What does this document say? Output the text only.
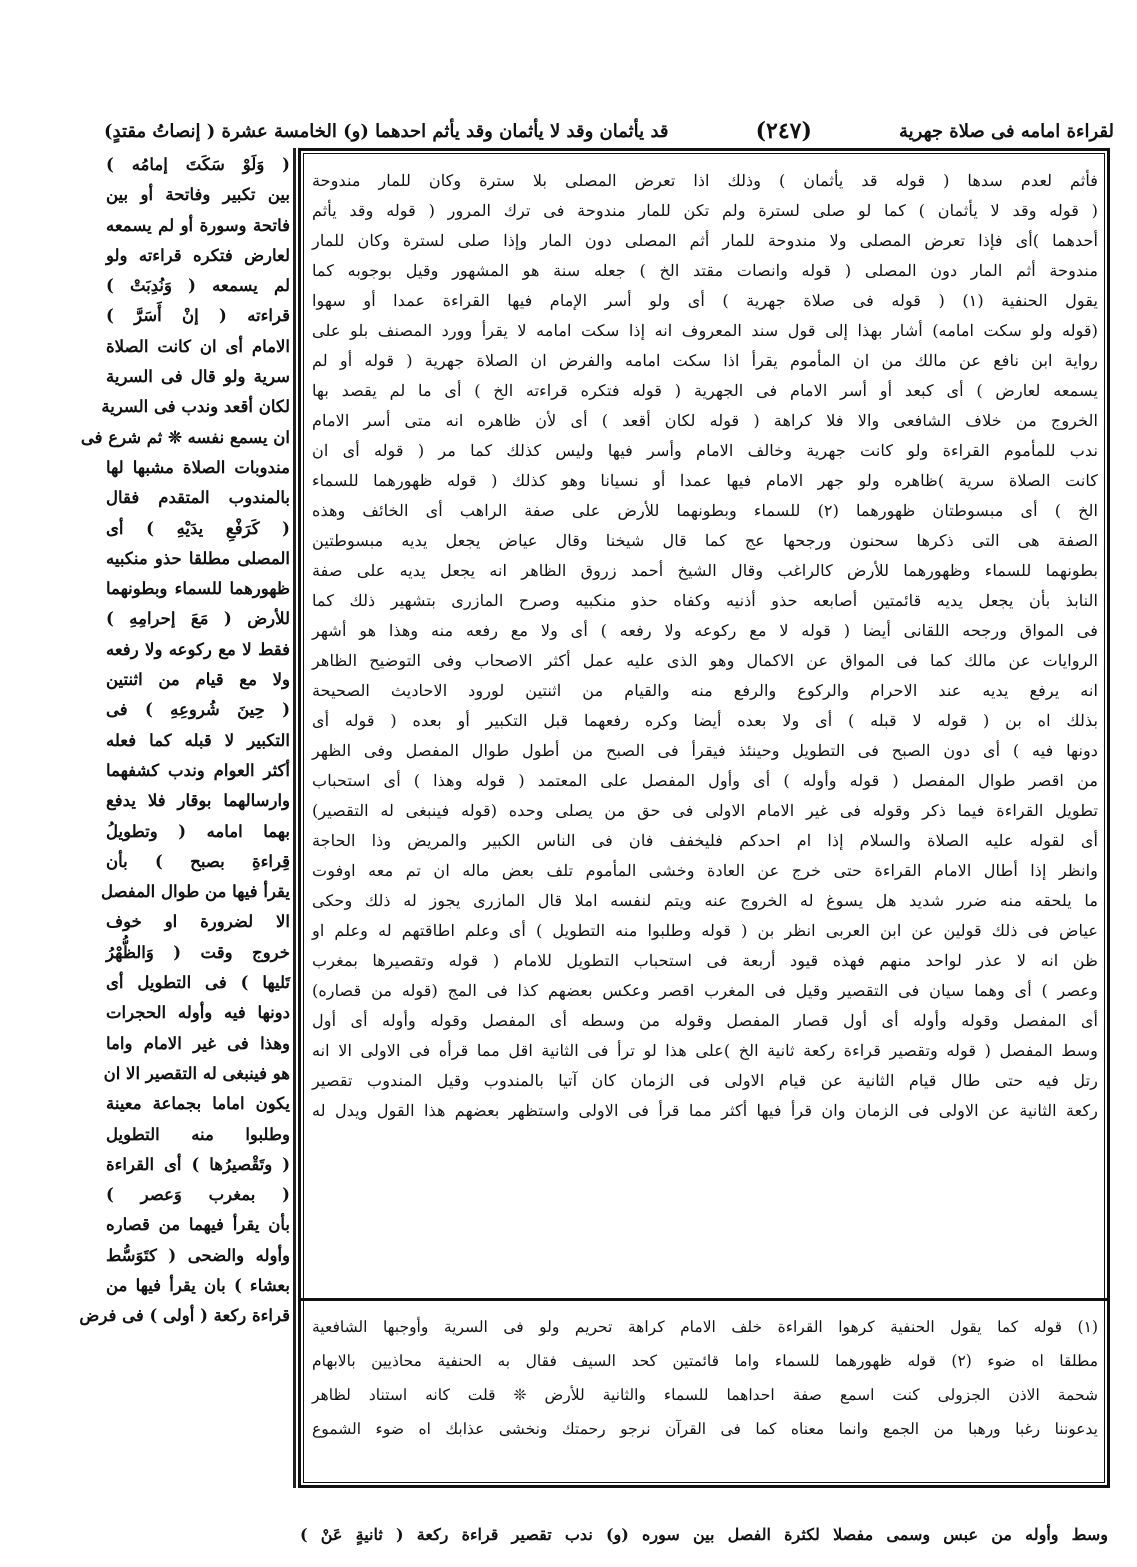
قد يأثمان وقد لا يأثمان وقد يأثم احدهما (و) الخامسة عشرة ( إنصاتُ مقتدٍ)	(٢٤٧)	لقراءة امامه فى صلاة جهرية
فأثم لعدم سدها ( قوله قد يأثمان ) وذلك اذا تعرض المصلى بلا سترة وكان للمار مندوحة
( قوله وقد لا يأثمان ) كما لو صلى لسترة ولم تكن للمار مندوحة فى ترك المرور ( قوله وقد يأثم
أحدهما )أى فإذا تعرض المصلى ولا مندوحة للمار أثم المصلى دون المار وإذا صلى لسترة وكان للمار
مندوحة أثم المار دون المصلى ( قوله وانصات مقتد الخ ) جعله سنة هو المشهور وقيل بوجوبه كما
يقول الحنفية (١) ( قوله فى صلاة جهرية ) أى ولو أسر الإمام فيها القراءة عمدا أو سهوا
(قوله ولو سكت امامه) أشار بهذا إلى قول سند المعروف انه إذا سكت امامه لا يقرأ وورد المصنف بلو على
رواية ابن نافع عن مالك من ان المأموم يقرأ اذا سكت امامه والفرض ان الصلاة جهرية ( قوله أو لم
يسمعه لعارض ) أى كبعد أو أسر الامام فى الجهرية ( قوله فتكره قراءته الخ ) أى ما لم يقصد بها
الخروج من خلاف الشافعى والا فلا كراهة ( قوله لكان أقعد ) أى لأن ظاهره انه متى أسر الامام
ندب للمأموم القراءة ولو كانت جهرية وخالف الامام وأسر فيها وليس كذلك كما مر ( قوله أى ان
كانت الصلاة سرية )ظاهره ولو جهر الامام فيها عمدا أو نسيانا وهو كذلك ( قوله ظهورهما للسماء
الخ ) أى مبسوطتان ظهورهما (٢) للسماء وبطونهما للأرض على صفة الراهب أى الخائف وهذه
الصفة هى التى ذكرها سحنون ورجحها عج كما قال شيخنا وقال عياض يجعل يديه مبسوطتين
بطونهما للسماء وظهورهما للأرض كالراغب وقال الشيخ أحمد زروق الظاهر انه يجعل يديه على صفة
النابذ بأن يجعل يديه قائمتين أصابعه حذو أذنيه وكفاه حذو منكبيه وصرح المازرى بتشهير ذلك كما
فى المواق ورجحه اللقانى أيضا ( قوله لا مع ركوعه ولا رفعه ) أى ولا مع رفعه منه وهذا هو أشهر
الروايات عن مالك كما فى المواق عن الاكمال وهو الذى عليه عمل أكثر الاصحاب وفى التوضيح الظاهر
انه يرفع يديه عند الاحرام والركوع والرفع منه والقيام من اثنتين لورود الاحاديث الصحيحة
بذلك اه بن ( قوله لا قبله ) أى ولا بعده أيضا وكره رفعهما قبل التكبير أو بعده ( قوله أى
دونها فيه ) أى دون الصبح فى التطويل وحينئذ فيقرأ فى الصبح من أطول طوال المفصل وفى الظهر
من اقصر طوال المفصل ( قوله وأوله ) أى وأول المفصل على المعتمد ( قوله وهذا ) أى استحباب
تطويل القراءة فيما ذكر وقوله فى غير الامام الاولى فى حق من يصلى وحده (قوله فينبغى له التقصير)
أى لقوله عليه الصلاة والسلام إذا ام احدكم فليخفف فان فى الناس الكبير والمريض وذا الحاجة
وانظر إذا أطال الامام القراءة حتى خرج عن العادة وخشى المأموم تلف بعض ماله ان تم معه اوفوت
ما يلحقه منه ضرر شديد هل يسوغ له الخروج عنه ويتم لنفسه املا قال المازرى يجوز له ذلك وحكى
عياض فى ذلك قولين عن ابن العربى انظر بن ( قوله وطلبوا منه التطويل ) أى وعلم اطاقتهم له وعلم او
ظن انه لا عذر لواحد منهم فهذه قيود أربعة فى استحباب التطويل للامام ( قوله وتقصيرها بمغرب
وعصر ) أى وهما سيان فى التقصير وقيل فى المغرب اقصر وعكس بعضهم كذا فى المج (قوله من قصاره)
أى المفصل وقوله وأوله أى أول قصار المفصل وقوله من وسطه أى المفصل وقوله وأوله أى أول
وسط المفصل ( قوله وتقصير قراءة ركعة ثانية الخ )على هذا لو ترأ فى الثانية اقل مما قرأه فى الاولى الا انه
رتل فيه حتى طال قيام الثانية عن قيام الاولى فى الزمان كان آتيا بالمندوب وقيل المندوب تقصير
ركعة الثانية عن الاولى فى الزمان وان قرأ فيها أكثر مما قرأ فى الاولى واستظهر بعضهم هذا القول ويدل له
(١) قوله كما يقول الحنفية كرهوا القراءة خلف الامام كراهة تحريم ولو فى السرية وأوجبها الشافعية
مطلقا اه ضوء (٢) قوله ظهورهما للسماء واما قائمتين كحد السيف فقال به الحنفية محاذيين بالابهام
شحمة الاذن الجزولى كنت اسمع صفة احداهما للسماء والثانية للأرض ❊ قلت كانه استناد لظاهر
يدعوننا رغبا ورهبا من الجمع وانما معناه كما فى القرآن نرجو رحمتك ونخشى عذابك اه ضوء الشموع
( وَلَوْ سَكَتَ إمامُه )
بين تكبير وفاتحة أو بين
فاتحة وسورة أو لم يسمعه
لعارض فتكره قراءته ولو
لم يسمعه ( وَنُدِبَتْ )
قراءته ( إنْ أَسَرَّ )
الامام أى ان كانت الصلاة
سرية ولو قال فى السرية
لكان أقعد وندب فى السرية
ان يسمع نفسه ❊ ثم شرع فى
مندوبات الصلاة مشبها لها
بالمندوب المتقدم فقال
( كَرَفْعِ يدَيْهِ ) أى
المصلى مطلقا حذو منكبيه
ظهورهما للسماء وبطونهما
للأرض ( مَعَ إحرامِهِ )
فقط لا مع ركوعه ولا رفعه
ولا مع قيام من اثنتين
( حِينَ شُروعِهِ ) فى
التكبير لا قبله كما فعله
أكثر العوام وندب كشفهما
وارسالهما بوقار فلا يدفع
بهما امامه ( وتطويلُ
قِراءةِ بصبح ) بأن
يقرأ فيها من طوال المفصل
الا لضرورة او خوف
خروج وقت ( وَالظُّهْرُ
تَليها ) فى التطويل أى
دونها فيه وأوله الحجرات
وهذا فى غير الامام واما
هو فينبغى له التقصير الا ان
يكون اماما بجماعة معينة
وطلبوا منه التطويل
( وتَقْصيرُها ) أى القراءة
( بمغرب وَعصر )
بأن يقرأ فيهما من قصاره
وأوله والضحى ( كتَوَسُّط
بعشاء ) بان يقرأ فيها من
قراءة ركعة ( أولى ) فى فرض
وسط وأوله من عبس وسمى مفصلا لكثرة الفصل بين سوره (و) ندب تقصير قراءة ركعة ( ثانيةٍ عَنْ )
